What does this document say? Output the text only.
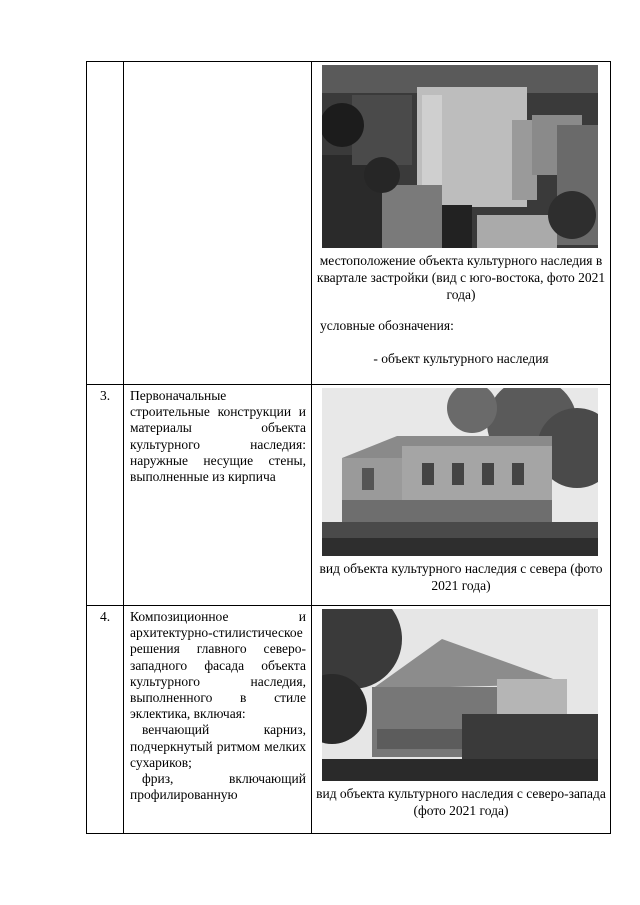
		местоположение объекта культурного наследия в квартале застройки (вид с юго-востока, фото 2021 года)
условные обозначения:
- объект культурного наследия

3.	Первоначальные строительные конструкции и материалы объекта культурного наследия: наружные несущие стены, выполненные из кирпича	вид объекта культурного наследия с севера (фото 2021 года)

4.	Композиционное и архитектурно-стилистическое решения главного северо-западного фасада объекта культурного наследия, выполненного в стиле эклектика, включая:
венчающий карниз, подчеркнутый ритмом мелких сухариков;
фриз, включающий профилированную	вид объекта культурного наследия с северо-запада (фото 2021 года)
